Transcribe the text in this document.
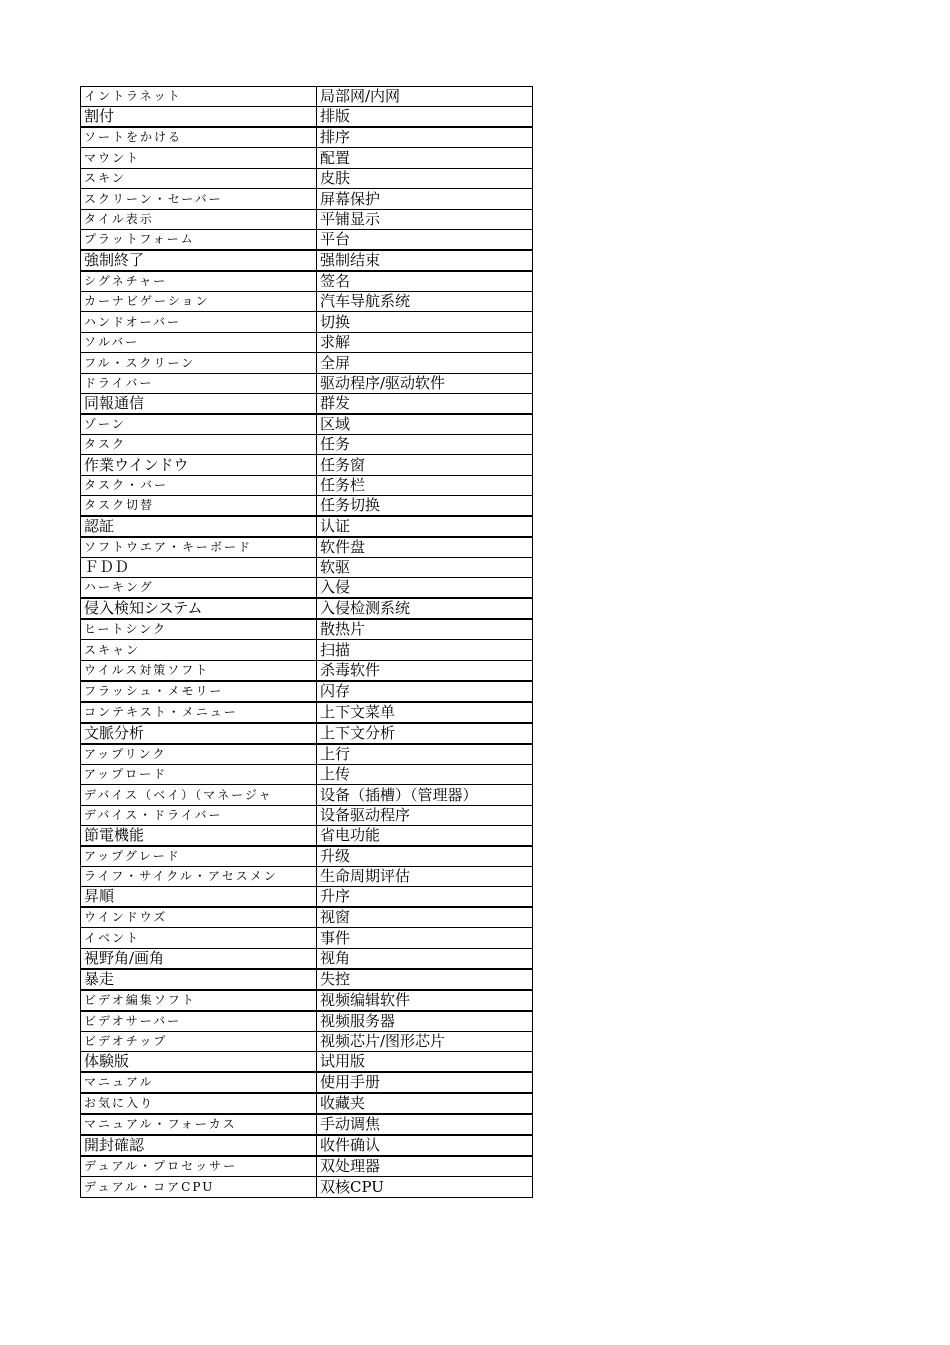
イントラネット	局部网/内网
割付	排版
ソートをかける	排序
マウント	配置
スキン	皮肤
スクリーン・セーバー	屏幕保护
タイル表示	平铺显示
プラットフォーム	平台
強制終了	强制结束
シグネチャー	签名
カーナビゲーション	汽车导航系统
ハンドオーバー	切换
ソルバー	求解
フル・スクリーン	全屏
ドライバー	驱动程序/驱动软件
同報通信	群发
ゾーン	区域
タスク	任务
作業ウインドウ	任务窗
タスク・バー	任务栏
タスク切替	任务切换
認証	认证
ソフトウエア・キーボード	软件盘
ＦＤＤ	软驱
ハーキング	入侵
侵入検知システム	入侵检测系统
ヒートシンク	散热片
スキャン	扫描
ウイルス対策ソフト	杀毒软件
フラッシュ・メモリー	闪存
コンテキスト・メニュー	上下文菜单
文脈分析	上下文分析
アップリンク	上行
アップロード	上传
デバイス（ベイ）（マネージャ	设备（插槽）（管理器）
デバイス・ドライバー	设备驱动程序
節電機能	省电功能
アップグレード	升级
ライフ・サイクル・アセスメン	生命周期评估
昇順	升序
ウインドウズ	视窗
イベント	事件
視野角/画角	视角
暴走	失控
ビデオ編集ソフト	视频编辑软件
ビデオサーバー	视频服务器
ビデオチップ	视频芯片/图形芯片
体験版	试用版
マニュアル	使用手册
お気に入り	收藏夹
マニュアル・フォーカス	手动调焦
開封確認	收件确认
デュアル・プロセッサー	双处理器
デュアル・コアCPU	双核CPU
